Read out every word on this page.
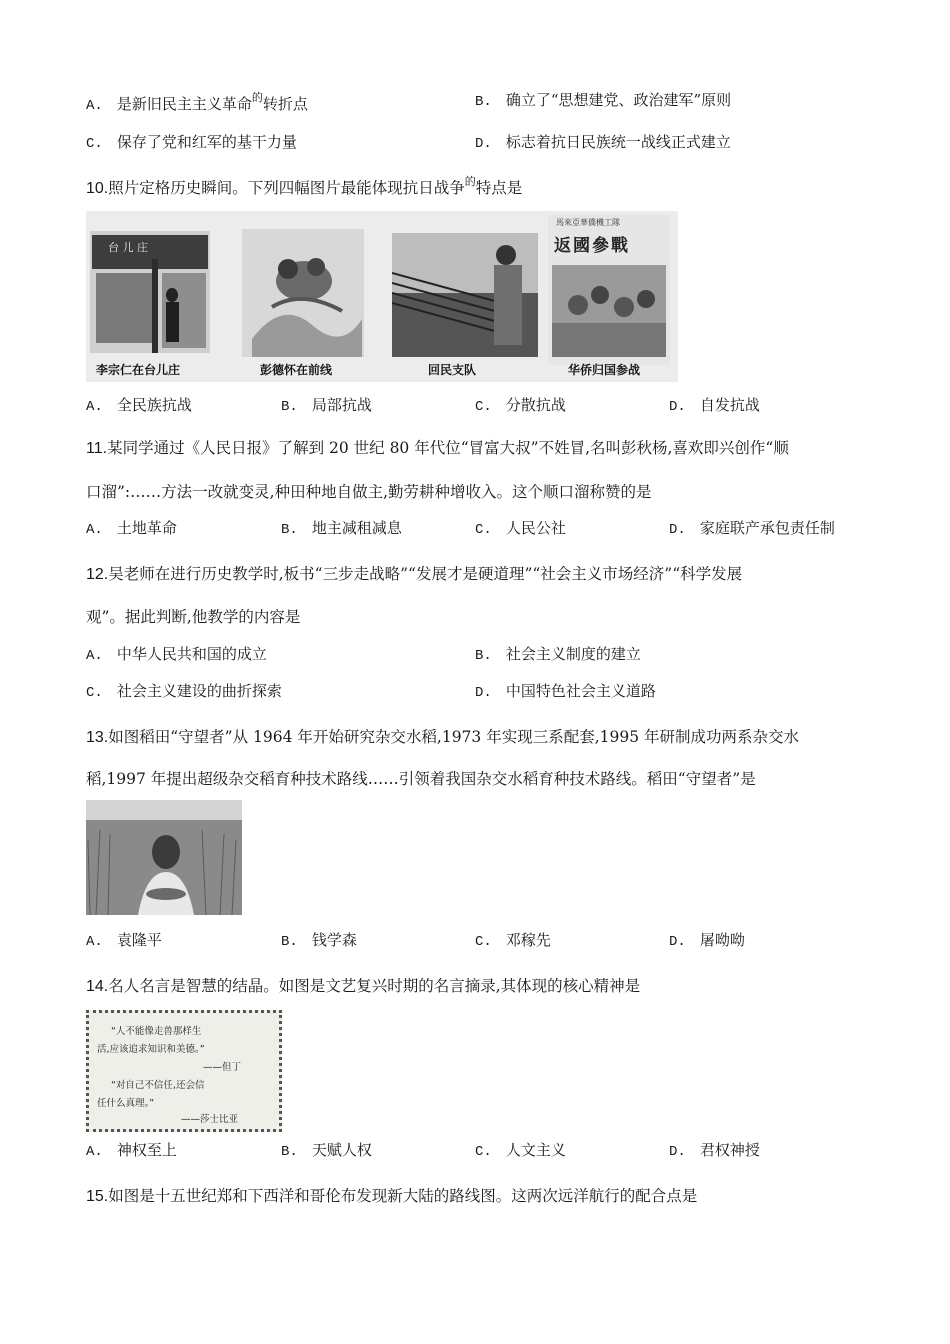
A. 是新旧民主主义革命$^的$转折点	B. 确立了“思想建党、政治建军”原则
C. 保存了党和红军的基干力量	D. 标志着抗日民族统一战线正式建立
10.照片定格历史瞬间。下列四幅图片最能体现抗日战争$^的$特点是
台 儿 庄
馬來亞華僑機工隊
返國參戰
李宗仁在台儿庄	彭德怀在前线	回民支队	华侨归国参战
A. 全民族抗战	B. 局部抗战	C. 分散抗战	D. 自发抗战
11.某同学通过《人民日报》了解到 20 世纪 80 年代位“冒富大叔”不姓冒,名叫彭秋杨,喜欢即兴创作“顺
口溜”:……方法一改就变灵,种田种地自做主,勤劳耕种增收入。这个顺口溜称赞的是
A. 土地革命	B. 地主减租减息	C. 人民公社	D. 家庭联产承包责任制
12.吴老师在进行历史教学时,板书“三步走战略”“发展才是硬道理”“社会主义市场经济”“科学发展
观”。据此判断,他教学的内容是
A. 中华人民共和国的成立	B. 社会主义制度的建立
C. 社会主义建设的曲折探索	D. 中国特色社会主义道路
13.如图稻田“守望者”从 1964 年开始研究杂交水稻,1973 年实现三系配套,1995 年研制成功两系杂交水
稻,1997 年提出超级杂交稻育种技术路线……引领着我国杂交水稻育种技术路线。稻田“守望者”是
A. 袁隆平	B. 钱学森	C. 邓稼先	D. 屠呦呦
14.名人名言是智慧的结晶。如图是文艺复兴时期的名言摘录,其体现的核心精神是
“人不能像走兽那样生
活,应该追求知识和美德。”
——但丁
“对自己不信任,还会信
任什么真理。”
——莎士比亚
A. 神权至上	B. 天赋人权	C. 人文主义	D. 君权神授
15.如图是十五世纪郑和下西洋和哥伦布发现新大陆的路线图。这两次远洋航行的配合点是
